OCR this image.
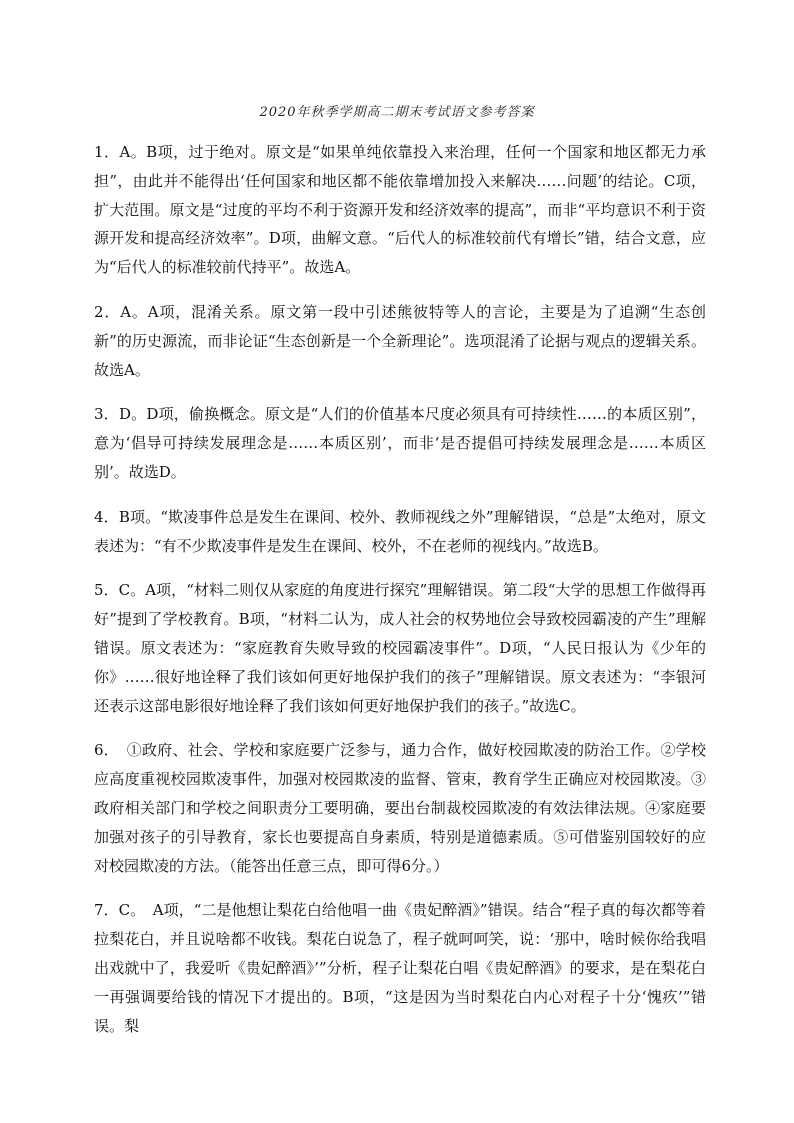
2020年秋季学期高二期末考试语文参考答案

1．A。B项，过于绝对。原文是“如果单纯依靠投入来治理，任何一个国家和地区都无力承担”，由此并不能得出‘任何国家和地区都不能依靠增加投入来解决……问题’的结论。C项，扩大范围。原文是“过度的平均不利于资源开发和经济效率的提高”，而非“平均意识不利于资源开发和提高经济效率”。D项，曲解文意。“后代人的标准较前代有增长”错，结合文意，应为“后代人的标准较前代持平”。故选A。

2．A。A项，混淆关系。原文第一段中引述熊彼特等人的言论，主要是为了追溯“生态创新”的历史源流，而非论证“生态创新是一个全新理论”。选项混淆了论据与观点的逻辑关系。故选A。

3．D。D项，偷换概念。原文是“人们的价值基本尺度必须具有可持续性……的本质区别”，意为‘倡导可持续发展理念是……本质区别’，而非‘是否提倡可持续发展理念是……本质区别’。故选D。

4．B项。“欺凌事件总是发生在课间、校外、教师视线之外”理解错误，“总是”太绝对，原文表述为：“有不少欺凌事件是发生在课间、校外，不在老师的视线内。”故选B。

5．C。A项，“材料二则仅从家庭的角度进行探究”理解错误。第二段“大学的思想工作做得再好”提到了学校教育。B项，“材料二认为，成人社会的权势地位会导致校园霸凌的产生”理解错误。原文表述为：“家庭教育失败导致的校园霸凌事件”。D项，“人民日报认为《少年的你》……很好地诠释了我们该如何更好地保护我们的孩子”理解错误。原文表述为：“李银河还表示这部电影很好地诠释了我们该如何更好地保护我们的孩子。”故选C。

6．　①政府、社会、学校和家庭要广泛参与，通力合作，做好校园欺凌的防治工作。②学校应高度重视校园欺凌事件，加强对校园欺凌的监督、管束，教育学生正确应对校园欺凌。③政府相关部门和学校之间职责分工要明确，要出台制裁校园欺凌的有效法律法规。④家庭要加强对孩子的引导教育，家长也要提高自身素质，特别是道德素质。⑤可借鉴别国较好的应对校园欺凌的方法。（能答出任意三点，即可得6分。）

7．C。　A项，“二是他想让梨花白给他唱一曲《贵妃醉酒》”错误。结合“程子真的每次都等着拉梨花白，并且说啥都不收钱。梨花白说急了，程子就呵呵笑，说：‘那中，啥时候你给我唱出戏就中了，我爱听《贵妃醉酒》’”分析，程子让梨花白唱《贵妃醉酒》的要求，是在梨花白一再强调要给钱的情况下才提出的。B项，“这是因为当时梨花白内心对程子十分‘愧疚’”错误。梨
